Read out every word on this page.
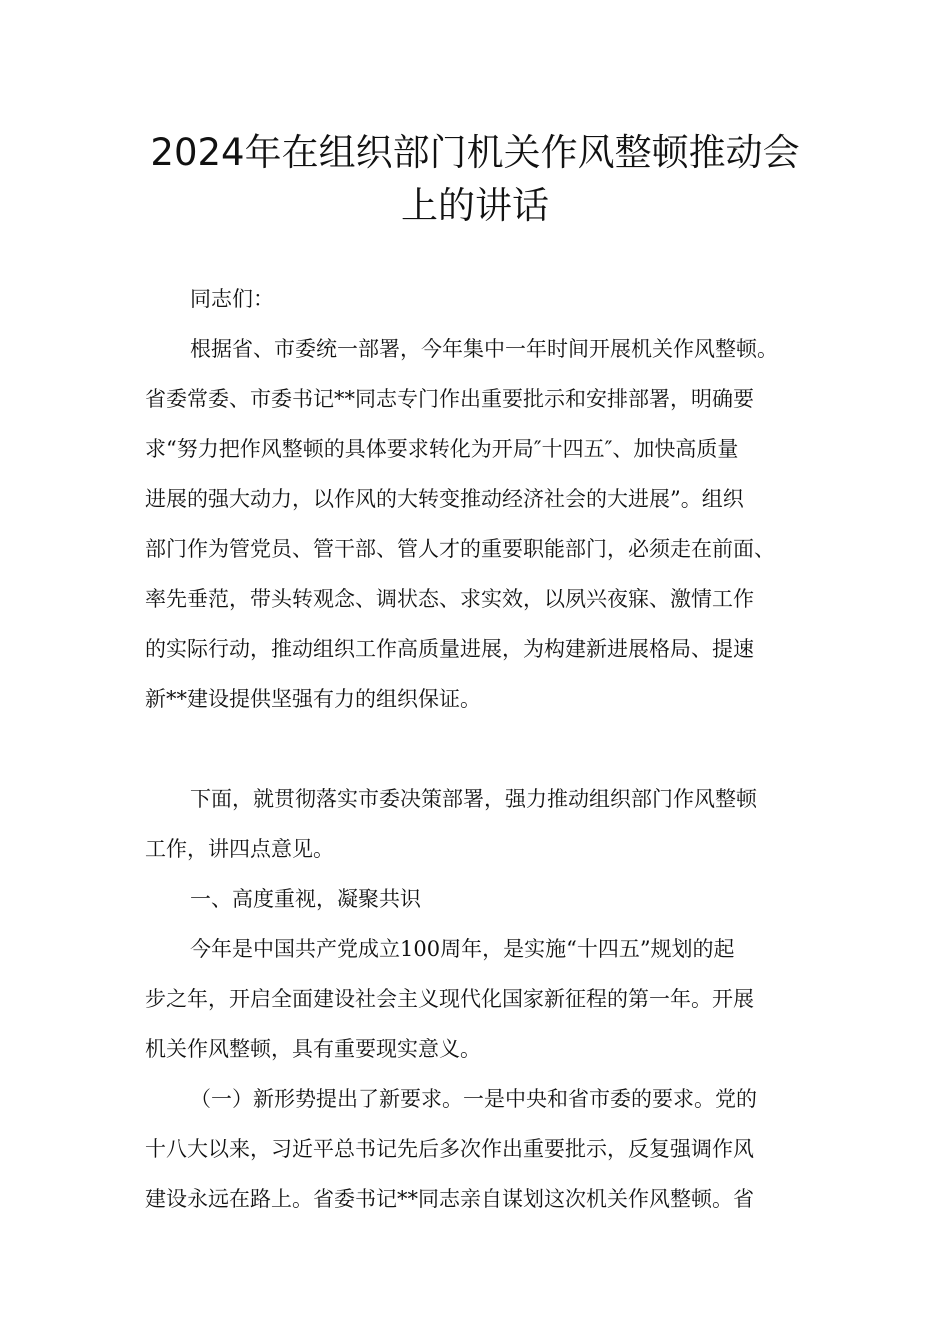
2024年在组织部门机关作风整顿推动会
上的讲话
同志们：
根据省、市委统一部署，今年集中一年时间开展机关作风整顿。
省委常委、市委书记**同志专门作出重要批示和安排部署，明确要
求“努力把作风整顿的具体要求转化为开局″十四五″、加快高质量
进展的强大动力，以作风的大转变推动经济社会的大进展”。组织
部门作为管党员、管干部、管人才的重要职能部门，必须走在前面、
率先垂范，带头转观念、调状态、求实效，以夙兴夜寐、激情工作
的实际行动，推动组织工作高质量进展，为构建新进展格局、提速
新**建设提供坚强有力的组织保证。
下面，就贯彻落实市委决策部署，强力推动组织部门作风整顿
工作，讲四点意见。
一、高度重视，凝聚共识
今年是中国共产党成立100周年，是实施“十四五”规划的起
步之年，开启全面建设社会主义现代化国家新征程的第一年。开展
机关作风整顿，具有重要现实意义。
（一）新形势提出了新要求。一是中央和省市委的要求。党的
十八大以来，习近平总书记先后多次作出重要批示，反复强调作风
建设永远在路上。省委书记**同志亲自谋划这次机关作风整顿。省
